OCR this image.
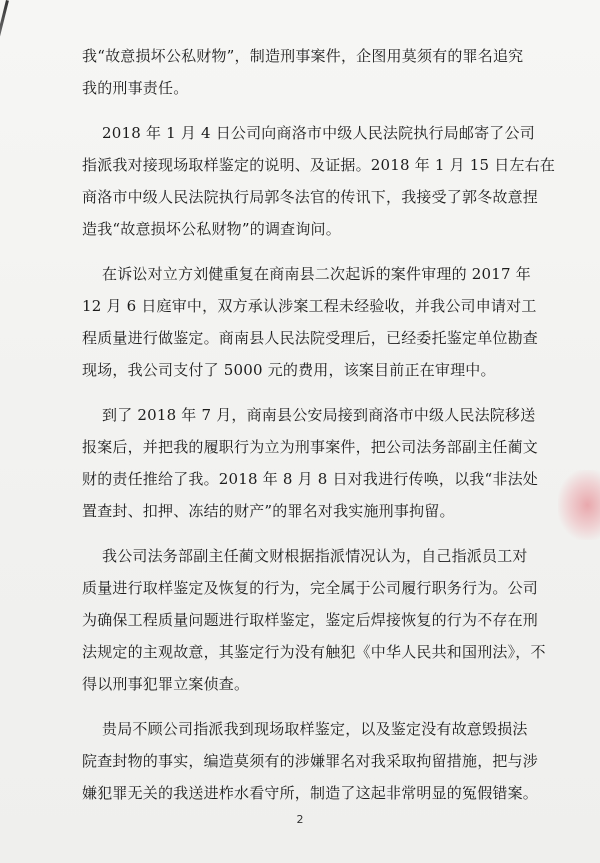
我“故意损坏公私财物”，制造刑事案件，企图用莫须有的罪名追究
我的刑事责任。

2018 年 1 月 4 日公司向商洛市中级人民法院执行局邮寄了公司
指派我对接现场取样鉴定的说明、及证据。2018 年 1 月 15 日左右在
商洛市中级人民法院执行局郭冬法官的传讯下，我接受了郭冬故意捏
造我“故意损坏公私财物”的调查询问。

在诉讼对立方刘健重复在商南县二次起诉的案件审理的 2017 年
12 月 6 日庭审中，双方承认涉案工程未经验收，并我公司申请对工
程质量进行做鉴定。商南县人民法院受理后，已经委托鉴定单位勘查
现场，我公司支付了 5000 元的费用，该案目前正在审理中。

到了 2018 年 7 月，商南县公安局接到商洛市中级人民法院移送
报案后，并把我的履职行为立为刑事案件，把公司法务部副主任蔺文
财的责任推给了我。2018 年 8 月 8 日对我进行传唤，以我“非法处
置查封、扣押、冻结的财产”的罪名对我实施刑事拘留。

我公司法务部副主任蔺文财根据指派情况认为，自己指派员工对
质量进行取样鉴定及恢复的行为，完全属于公司履行职务行为。公司
为确保工程质量问题进行取样鉴定，鉴定后焊接恢复的行为不存在刑
法规定的主观故意，其鉴定行为没有触犯《中华人民共和国刑法》，不
得以刑事犯罪立案侦查。

贵局不顾公司指派我到现场取样鉴定，以及鉴定没有故意毁损法
院查封物的事实，编造莫须有的涉嫌罪名对我采取拘留措施，把与涉
嫌犯罪无关的我送进柞水看守所，制造了这起非常明显的冤假错案。

2
